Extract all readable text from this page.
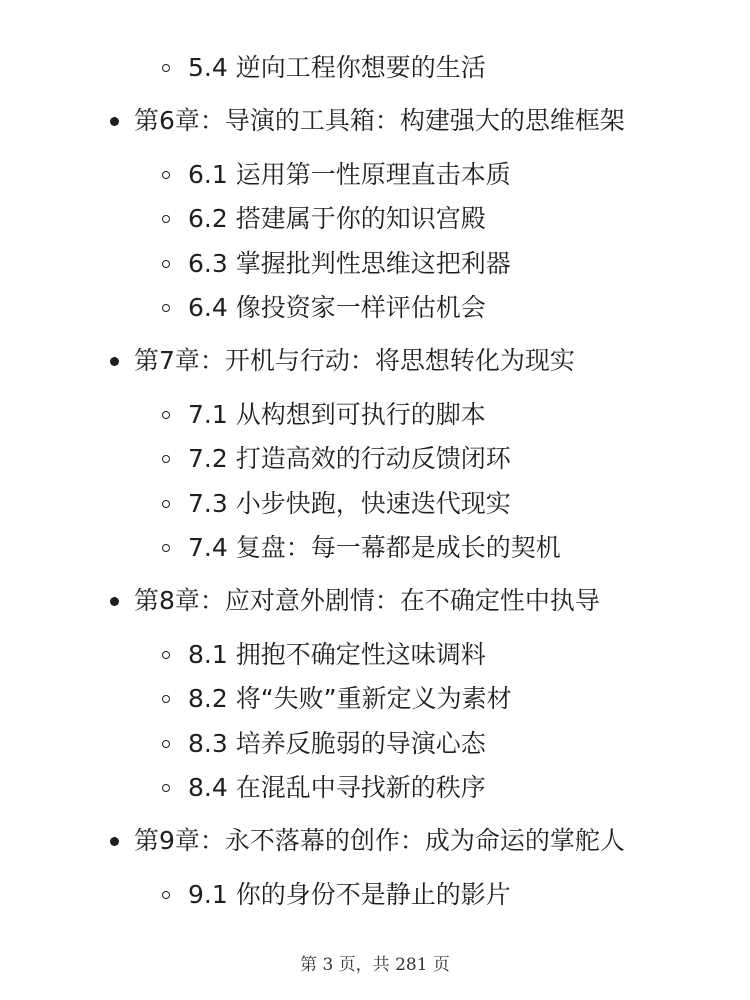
5.4 逆向工程你想要的生活
第6章：导演的工具箱：构建强大的思维框架
6.1 运用第一性原理直击本质
6.2 搭建属于你的知识宫殿
6.3 掌握批判性思维这把利器
6.4 像投资家一样评估机会
第7章：开机与行动：将思想转化为现实
7.1 从构想到可执行的脚本
7.2 打造高效的行动反馈闭环
7.3 小步快跑，快速迭代现实
7.4 复盘：每一幕都是成长的契机
第8章：应对意外剧情：在不确定性中执导
8.1 拥抱不确定性这味调料
8.2 将“失败”重新定义为素材
8.3 培养反脆弱的导演心态
8.4 在混乱中寻找新的秩序
第9章：永不落幕的创作：成为命运的掌舵人
9.1 你的身份不是静止的影片
第 3 页，共 281 页
